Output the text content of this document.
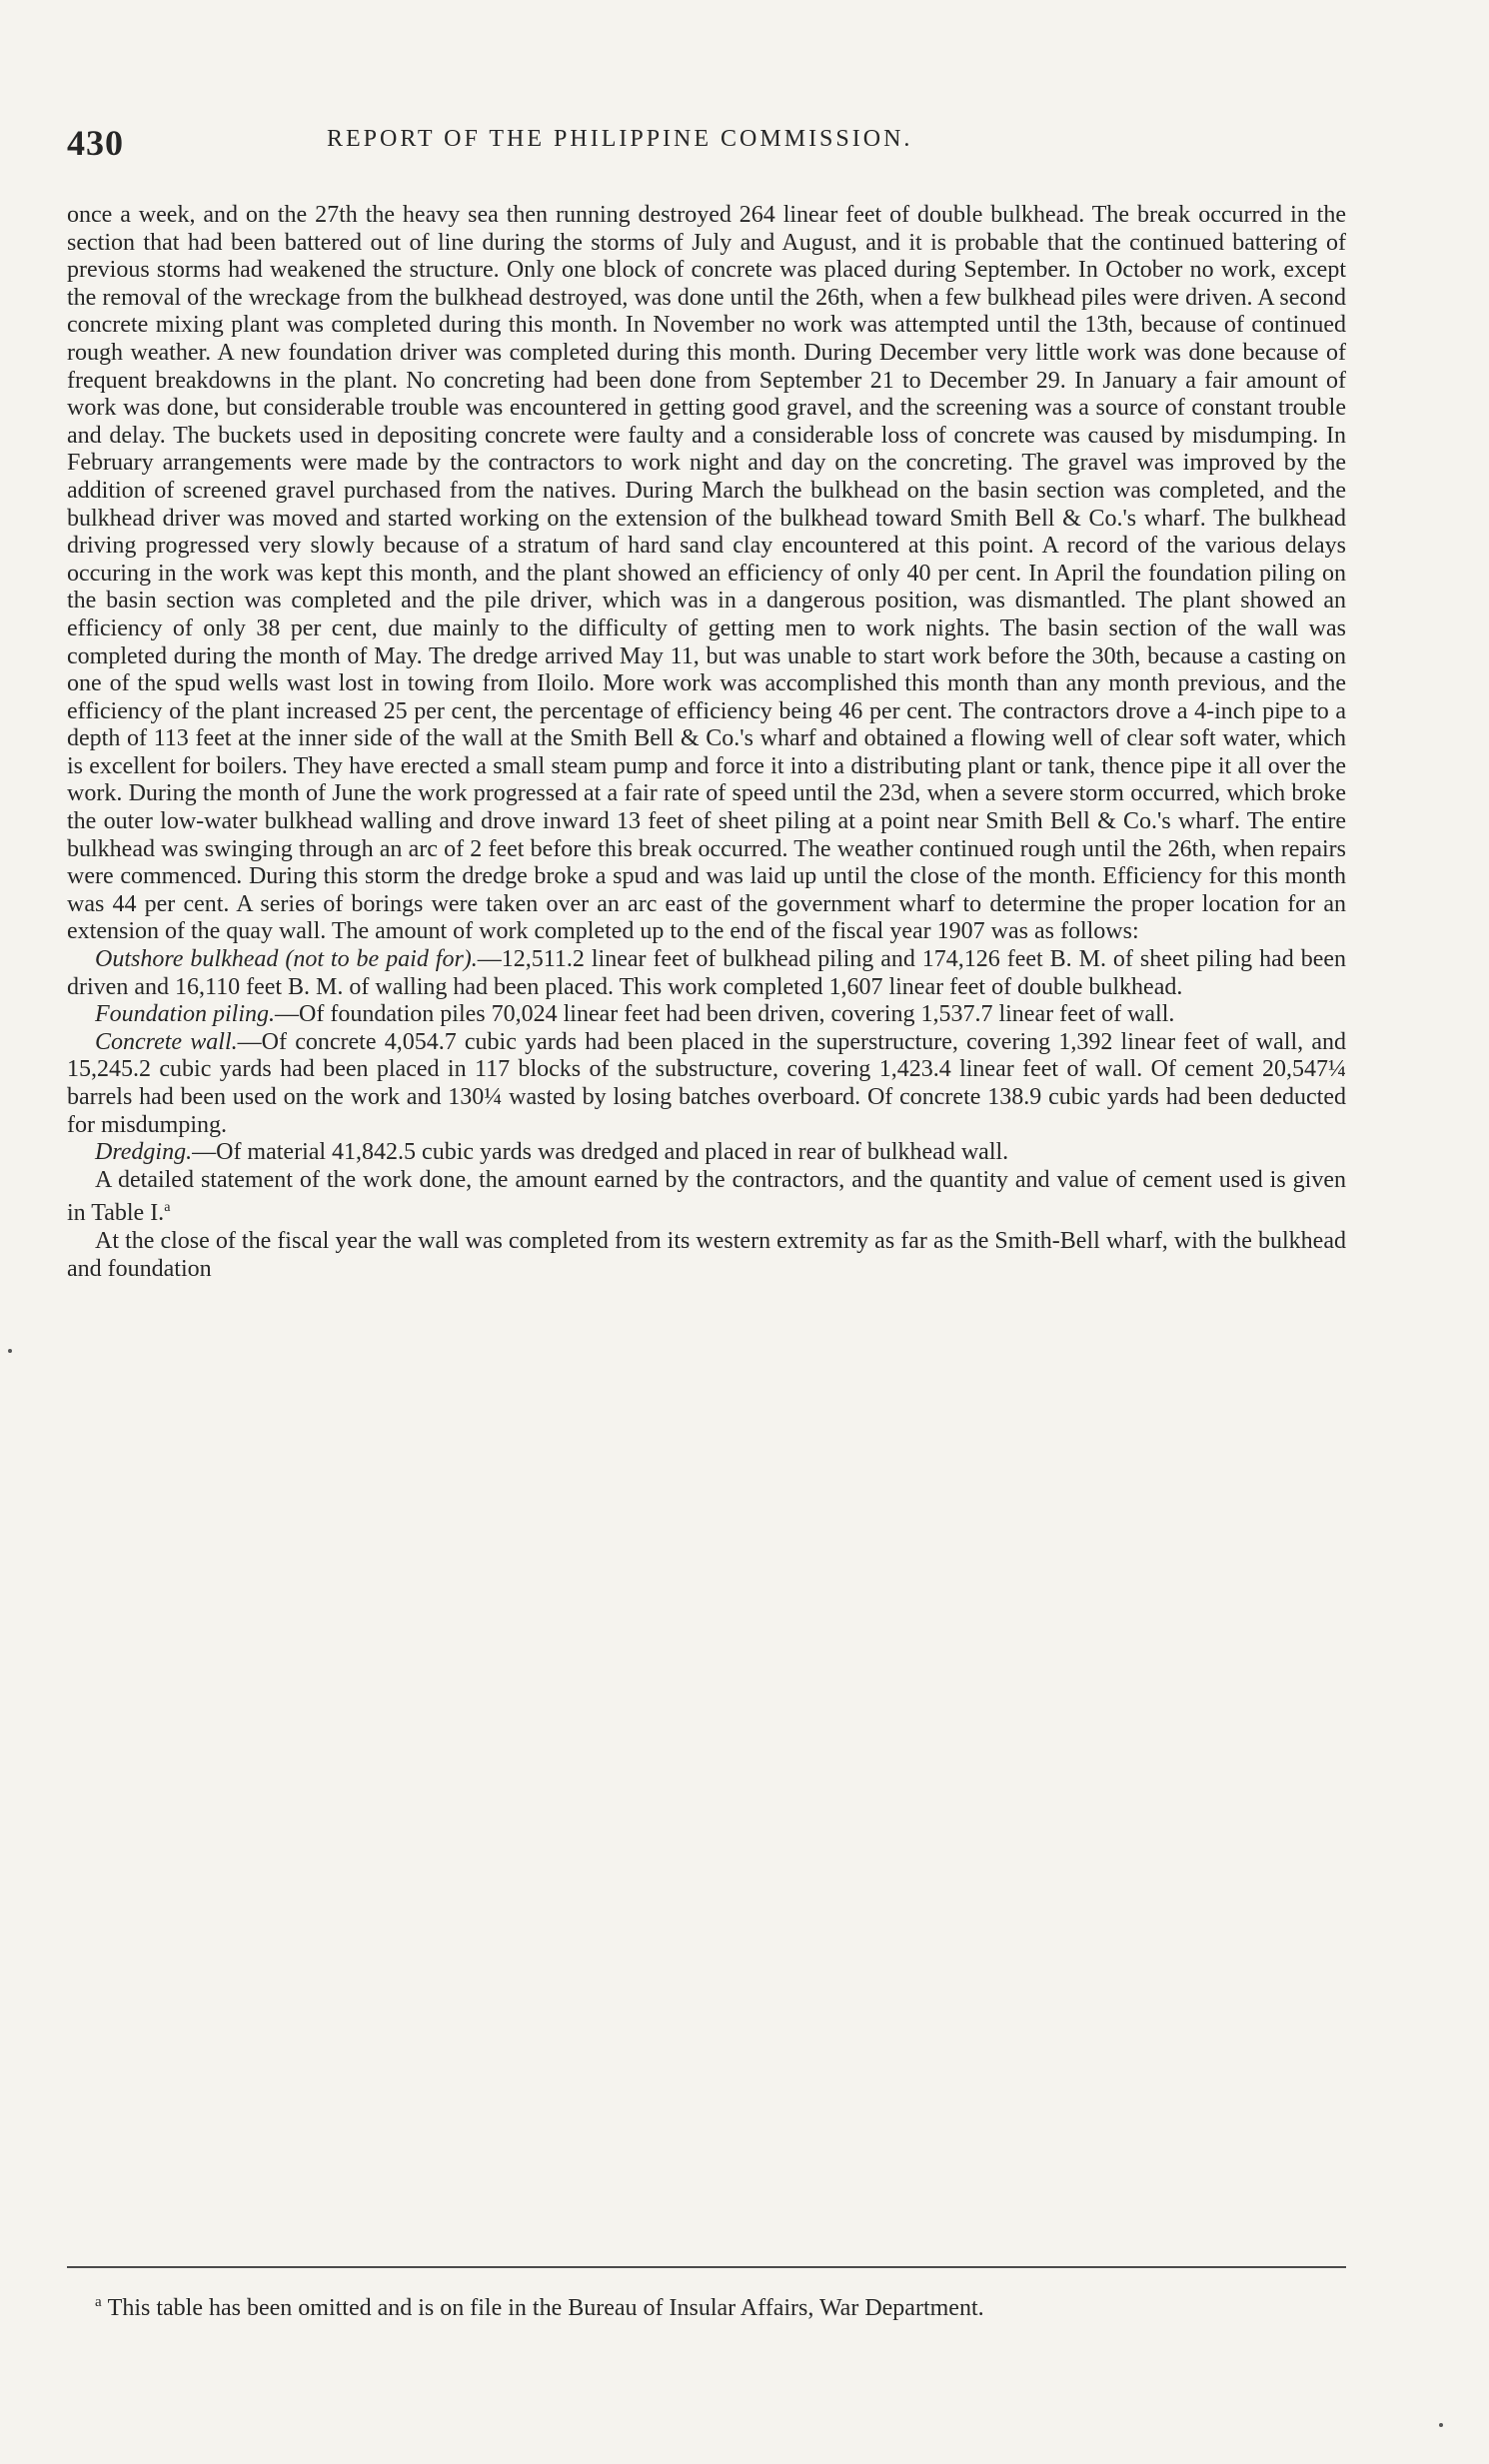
430	REPORT OF THE PHILIPPINE COMMISSION.

once a week, and on the 27th the heavy sea then running destroyed 264 linear feet of double bulkhead. The break occurred in the section that had been battered out of line during the storms of July and August, and it is probable that the continued battering of previous storms had weakened the structure. Only one block of concrete was placed during September. In October no work, except the removal of the wreckage from the bulkhead destroyed, was done until the 26th, when a few bulkhead piles were driven. A second concrete mixing plant was completed during this month. In November no work was attempted until the 13th, because of continued rough weather. A new foundation driver was completed during this month. During December very little work was done because of frequent breakdowns in the plant. No concreting had been done from September 21 to December 29. In January a fair amount of work was done, but considerable trouble was encountered in getting good gravel, and the screening was a source of constant trouble and delay. The buckets used in depositing concrete were faulty and a considerable loss of concrete was caused by misdumping. In February arrangements were made by the contractors to work night and day on the concreting. The gravel was improved by the addition of screened gravel purchased from the natives. During March the bulkhead on the basin section was completed, and the bulkhead driver was moved and started working on the extension of the bulkhead toward Smith Bell & Co.'s wharf. The bulkhead driving progressed very slowly because of a stratum of hard sand clay encountered at this point. A record of the various delays occuring in the work was kept this month, and the plant showed an efficiency of only 40 per cent. In April the foundation piling on the basin section was completed and the pile driver, which was in a dangerous position, was dismantled. The plant showed an efficiency of only 38 per cent, due mainly to the difficulty of getting men to work nights. The basin section of the wall was completed during the month of May. The dredge arrived May 11, but was unable to start work before the 30th, because a casting on one of the spud wells wast lost in towing from Iloilo. More work was accomplished this month than any month previous, and the efficiency of the plant increased 25 per cent, the percentage of efficiency being 46 per cent. The contractors drove a 4-inch pipe to a depth of 113 feet at the inner side of the wall at the Smith Bell & Co.'s wharf and obtained a flowing well of clear soft water, which is excellent for boilers. They have erected a small steam pump and force it into a distributing plant or tank, thence pipe it all over the work. During the month of June the work progressed at a fair rate of speed until the 23d, when a severe storm occurred, which broke the outer low-water bulkhead walling and drove inward 13 feet of sheet piling at a point near Smith Bell & Co.'s wharf. The entire bulkhead was swinging through an arc of 2 feet before this break occurred. The weather continued rough until the 26th, when repairs were commenced. During this storm the dredge broke a spud and was laid up until the close of the month. Efficiency for this month was 44 per cent. A series of borings were taken over an arc east of the government wharf to determine the proper location for an extension of the quay wall. The amount of work completed up to the end of the fiscal year 1907 was as follows:

Outshore bulkhead (not to be paid for).—12,511.2 linear feet of bulkhead piling and 174,126 feet B. M. of sheet piling had been driven and 16,110 feet B. M. of walling had been placed. This work completed 1,607 linear feet of double bulkhead.

Foundation piling.—Of foundation piles 70,024 linear feet had been driven, covering 1,537.7 linear feet of wall.

Concrete wall.—Of concrete 4,054.7 cubic yards had been placed in the superstructure, covering 1,392 linear feet of wall, and 15,245.2 cubic yards had been placed in 117 blocks of the substructure, covering 1,423.4 linear feet of wall. Of cement 20,547¼ barrels had been used on the work and 130¼ wasted by losing batches overboard. Of concrete 138.9 cubic yards had been deducted for misdumping.

Dredging.—Of material 41,842.5 cubic yards was dredged and placed in rear of bulkhead wall.

A detailed statement of the work done, the amount earned by the contractors, and the quantity and value of cement used is given in Table I.$^a$

At the close of the fiscal year the wall was completed from its western extremity as far as the Smith-Bell wharf, with the bulkhead and foundation

$^a$ This table has been omitted and is on file in the Bureau of Insular Affairs, War Department.
